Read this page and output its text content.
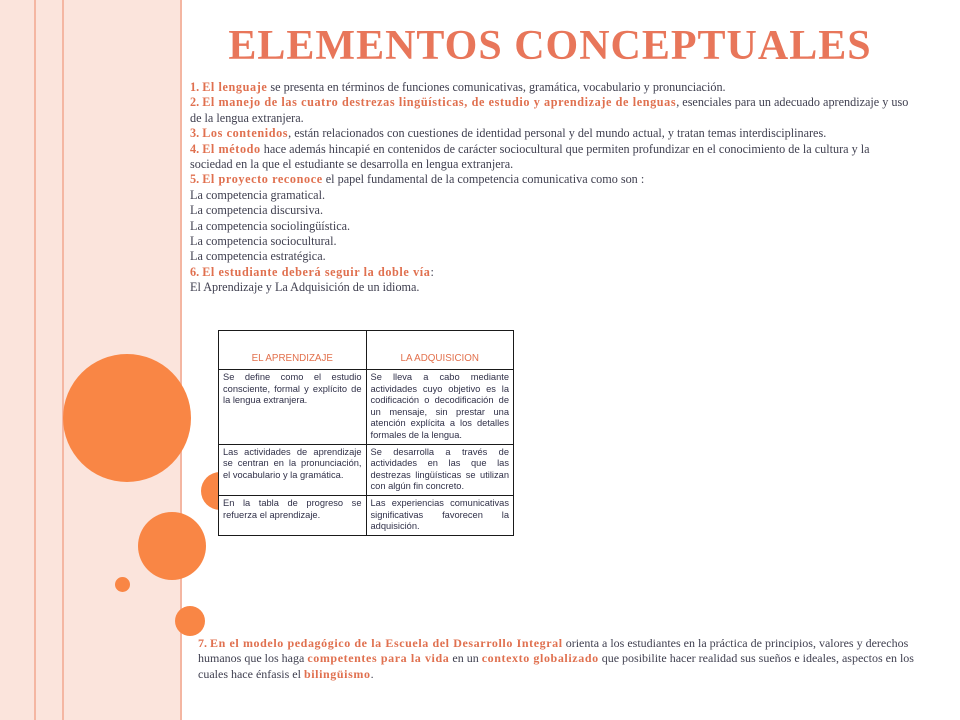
ELEMENTOS CONCEPTUALES

1. El lenguaje se presenta en términos de funciones comunicativas, gramática, vocabulario y pronunciación.

2. El manejo de las cuatro destrezas lingüísticas, de estudio y aprendizaje de lenguas, esenciales para un adecuado aprendizaje y uso de la lengua extranjera.

3. Los contenidos, están relacionados con cuestiones de identidad personal y del mundo actual, y tratan temas interdisciplinares.

4. El método hace además hincapié en contenidos de carácter sociocultural que permiten profundizar en el conocimiento de la cultura y la sociedad en la que el estudiante se desarrolla en lengua extranjera.

5. El proyecto reconoce el papel fundamental de la competencia comunicativa como son :

La competencia gramatical.

La competencia discursiva.

La competencia sociolingüística.

La competencia sociocultural.

La competencia estratégica.

6. El estudiante deberá seguir la doble vía:

El Aprendizaje y La Adquisición de un idioma.

EL APRENDIZAJE	LA ADQUISICION
Se define como el estudio consciente, formal y explícito de la lengua extranjera.	Se lleva a cabo mediante actividades cuyo objetivo es la codificación o decodificación de un mensaje, sin prestar una atención explícita a los detalles formales de la lengua.
Las actividades de aprendizaje se centran en la pronunciación, el vocabulario y la gramática.	Se desarrolla a través de actividades en las que las destrezas lingüísticas se utilizan con algún fin concreto.
En la tabla de progreso se refuerza el aprendizaje.	Las experiencias comunicativas significativas favorecen la adquisición.

7. En el modelo pedagógico de la Escuela del Desarrollo Integral orienta a los estudiantes en la práctica de principios, valores y derechos humanos que los haga competentes para la vida en un contexto globalizado que posibilite hacer realidad sus sueños e ideales, aspectos en los cuales hace énfasis el bilingüismo.
